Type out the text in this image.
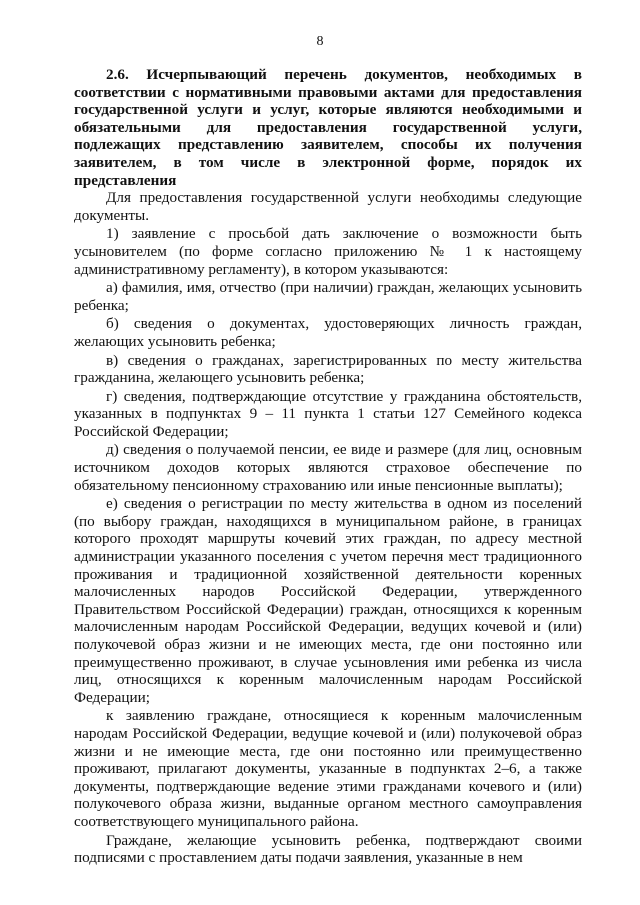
8

2.6. Исчерпывающий перечень документов, необходимых в соответствии с нормативными правовыми актами для предоставления государственной услуги и услуг, которые являются необходимыми и обязательными для предоставления государственной услуги, подлежащих представлению заявителем, способы их получения заявителем, в том числе в электронной форме, порядок их представления

Для предоставления государственной услуги необходимы следующие документы.

1) заявление с просьбой дать заключение о возможности быть усыновителем (по форме согласно приложению № 1 к настоящему административному регламенту), в котором указываются:

а) фамилия, имя, отчество (при наличии) граждан, желающих усыновить ребенка;

б) сведения о документах, удостоверяющих личность граждан, желающих усыновить ребенка;

в) сведения о гражданах, зарегистрированных по месту жительства гражданина, желающего усыновить ребенка;

г) сведения, подтверждающие отсутствие у гражданина обстоятельств, указанных в подпунктах 9 – 11 пункта 1 статьи 127 Семейного кодекса Российской Федерации;

д) сведения о получаемой пенсии, ее виде и размере (для лиц, основным источником доходов которых являются страховое обеспечение по обязательному пенсионному страхованию или иные пенсионные выплаты);

е) сведения о регистрации по месту жительства в одном из поселений (по выбору граждан, находящихся в муниципальном районе, в границах которого проходят маршруты кочевий этих граждан, по адресу местной администрации указанного поселения с учетом перечня мест традиционного проживания и традиционной хозяйственной деятельности коренных малочисленных народов Российской Федерации, утвержденного Правительством Российской Федерации) граждан, относящихся к коренным малочисленным народам Российской Федерации, ведущих кочевой и (или) полукочевой образ жизни и не имеющих места, где они постоянно или преимущественно проживают, в случае усыновления ими ребенка из числа лиц, относящихся к коренным малочисленным народам Российской Федерации;

к заявлению граждане, относящиеся к коренным малочисленным народам Российской Федерации, ведущие кочевой и (или) полукочевой образ жизни и не имеющие места, где они постоянно или преимущественно проживают, прилагают документы, указанные в подпунктах 2–6, а также документы, подтверждающие ведение этими гражданами кочевого и (или) полукочевого образа жизни, выданные органом местного самоуправления соответствующего муниципального района.

Граждане, желающие усыновить ребенка, подтверждают своими подписями с проставлением даты подачи заявления, указанные в нем
